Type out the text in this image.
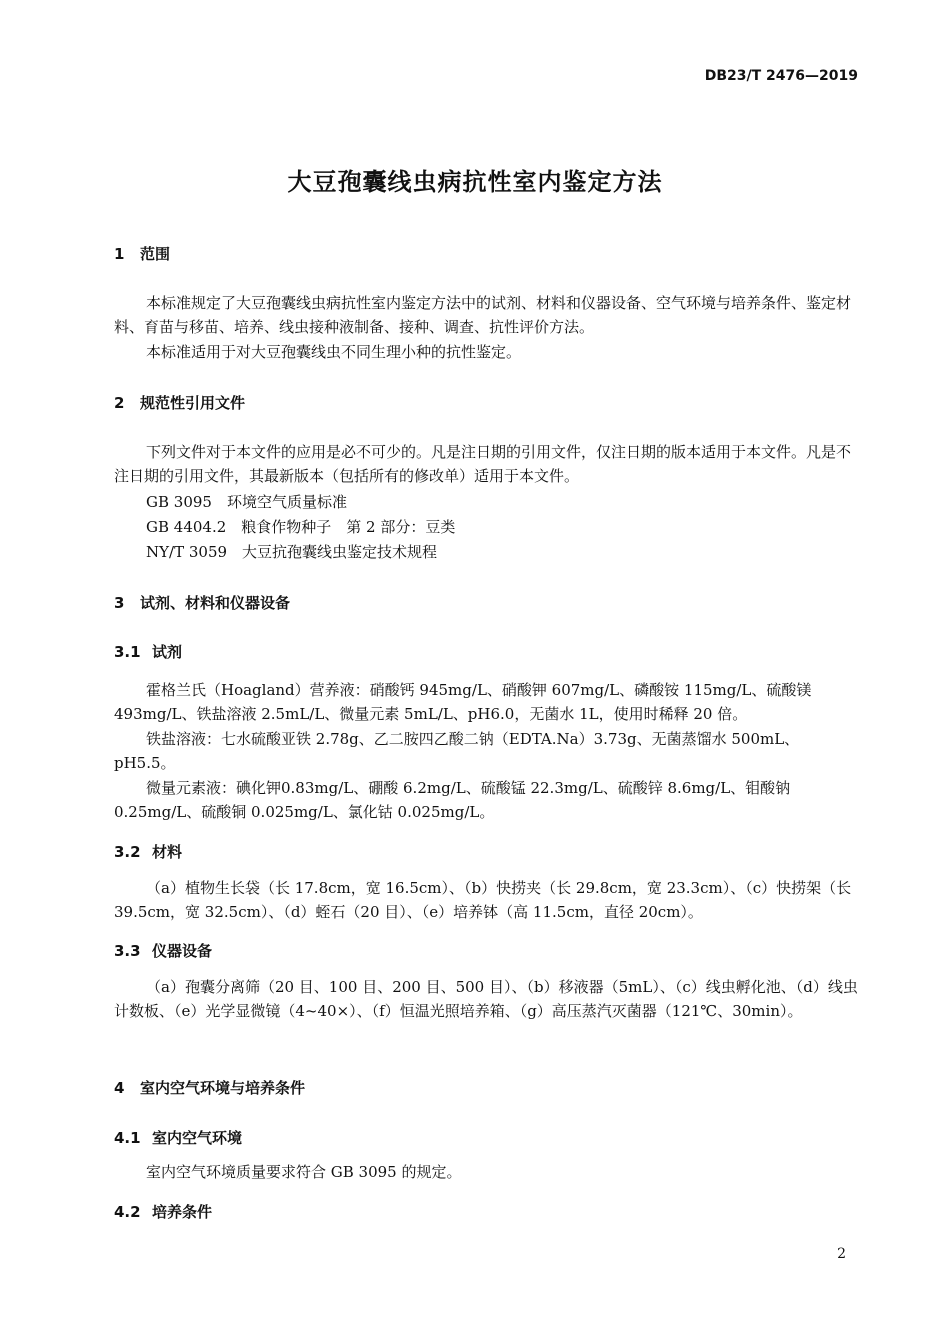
DB23/T 2476—2019
大豆孢囊线虫病抗性室内鉴定方法
1 范围
本标准规定了大豆孢囊线虫病抗性室内鉴定方法中的试剂、材料和仪器设备、空气环境与培养条件、鉴定材料、育苗与移苗、培养、线虫接种液制备、接种、调查、抗性评价方法。
本标准适用于对大豆孢囊线虫不同生理小种的抗性鉴定。
2 规范性引用文件
下列文件对于本文件的应用是必不可少的。凡是注日期的引用文件，仅注日期的版本适用于本文件。凡是不注日期的引用文件，其最新版本（包括所有的修改单）适用于本文件。
GB 3095　环境空气质量标准
GB 4404.2　粮食作物种子　第 2 部分：豆类
NY/T 3059　大豆抗孢囊线虫鉴定技术规程
3 试剂、材料和仪器设备
3.1 试剂
霍格兰氏（Hoagland）营养液：硝酸钙 945mg/L、硝酸钾 607mg/L、磷酸铵 115mg/L、硫酸镁 493mg/L、铁盐溶液 2.5mL/L、微量元素 5mL/L、pH6.0，无菌水 1L，使用时稀释 20 倍。
铁盐溶液：七水硫酸亚铁 2.78g、乙二胺四乙酸二钠（EDTA.Na）3.73g、无菌蒸馏水 500mL、pH5.5。
微量元素液：碘化钾0.83mg/L、硼酸 6.2mg/L、硫酸锰 22.3mg/L、硫酸锌 8.6mg/L、钼酸钠 0.25mg/L、硫酸铜 0.025mg/L、氯化钴 0.025mg/L。
3.2 材料
（a）植物生长袋（长 17.8cm，宽 16.5cm）、（b）快捞夹（长 29.8cm，宽 23.3cm）、（c）快捞架（长 39.5cm，宽 32.5cm）、（d）蛭石（20 目）、（e）培养钵（高 11.5cm，直径 20cm）。
3.3 仪器设备
（a）孢囊分离筛（20 目、100 目、200 目、500 目）、（b）移液器（5mL）、（c）线虫孵化池、（d）线虫计数板、（e）光学显微镜（4~40×）、（f）恒温光照培养箱、（g）高压蒸汽灭菌器（121℃、30min）。
4 室内空气环境与培养条件
4.1 室内空气环境
室内空气环境质量要求符合 GB 3095 的规定。
4.2 培养条件
2
